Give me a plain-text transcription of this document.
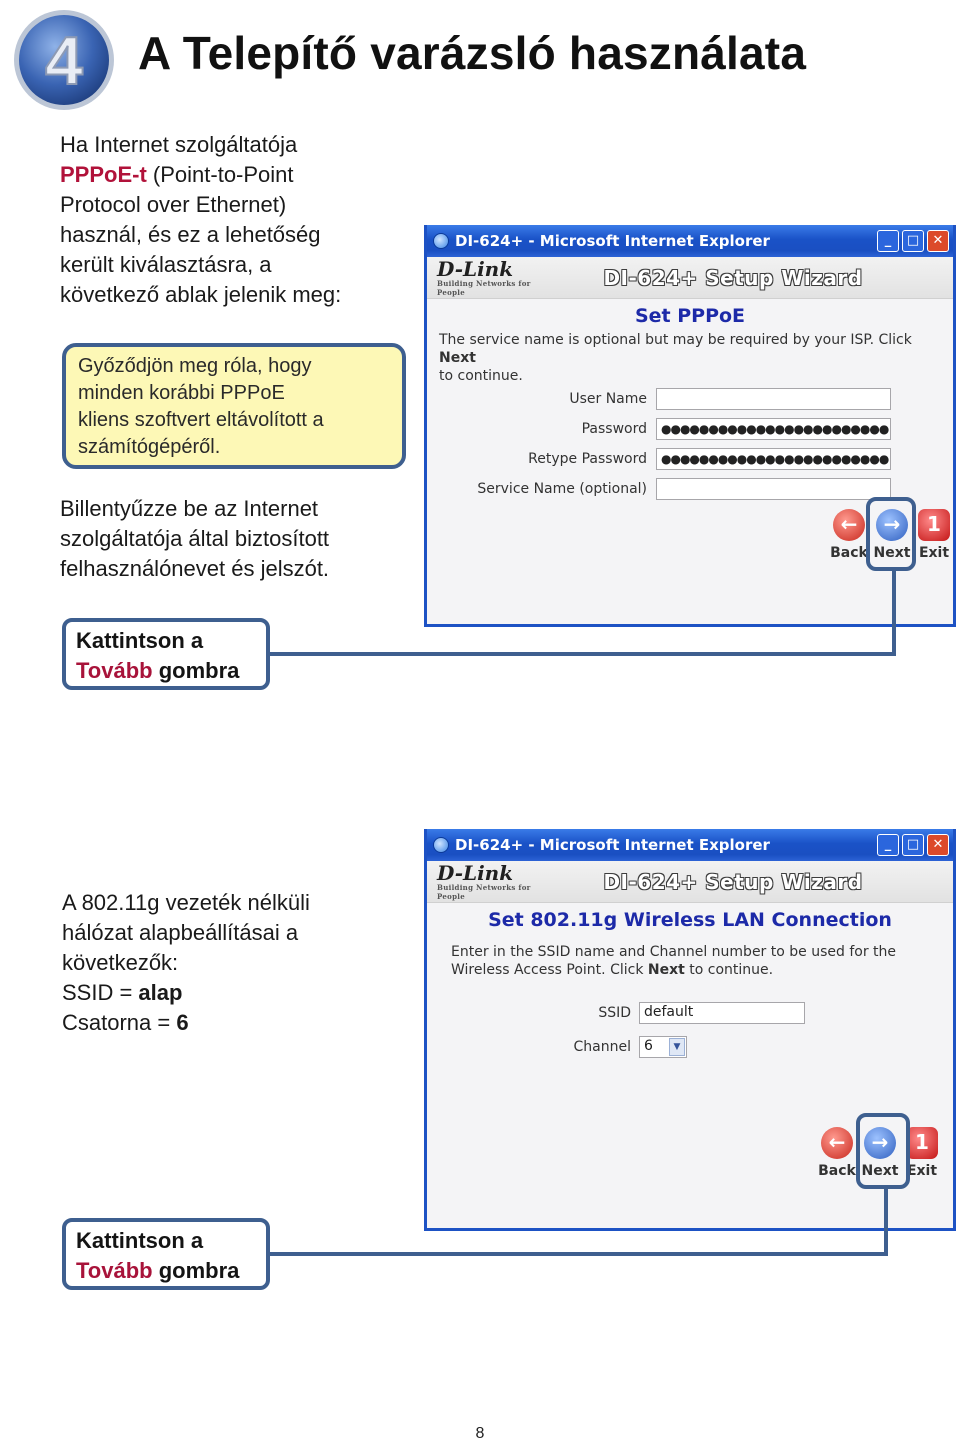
4 A Telepítő varázsló használata
Ha Internet szolgáltatója
PPPoE-t (Point-to-Point
Protocol over Ethernet)
használ, és ez a lehetőség
került kiválasztásra, a
következő ablak jelenik meg:
Győződjön meg róla, hogy
minden korábbi PPPoE
kliens szoftvert eltávolított a
számítógépéről.
Billentyűzze be az Internet
szolgáltatója által biztosított
felhasználónevet és jelszót.
Kattintson a
Tovább gombra
DI-624+ - Microsoft Internet Explorer	_	□	✕
D-Link
Building Networks for People
DI-624+ Setup Wizard
Set PPPoE
The service name is optional but may be required by your ISP. Click Next
to continue.
User Name
Password	●●●●●●●●●●●●●●●●●●●●●●●●
Retype Password	●●●●●●●●●●●●●●●●●●●●●●●●
Service Name (optional)
←
Back
→
Next
1
Exit
A 802.11g vezeték nélküli
hálózat alapbeállításai a
következők:
SSID = alap
Csatorna = 6
DI-624+ - Microsoft Internet Explorer	_	□	✕
D-Link
Building Networks for People
DI-624+ Setup Wizard
Set 802.11g Wireless LAN Connection
Enter in the SSID name and Channel number to be used for the
Wireless Access Point. Click Next to continue.
SSID default
Channel 6	▼
←
Back
→
Next
1
Exit
Kattintson a
Tovább gombra
8
